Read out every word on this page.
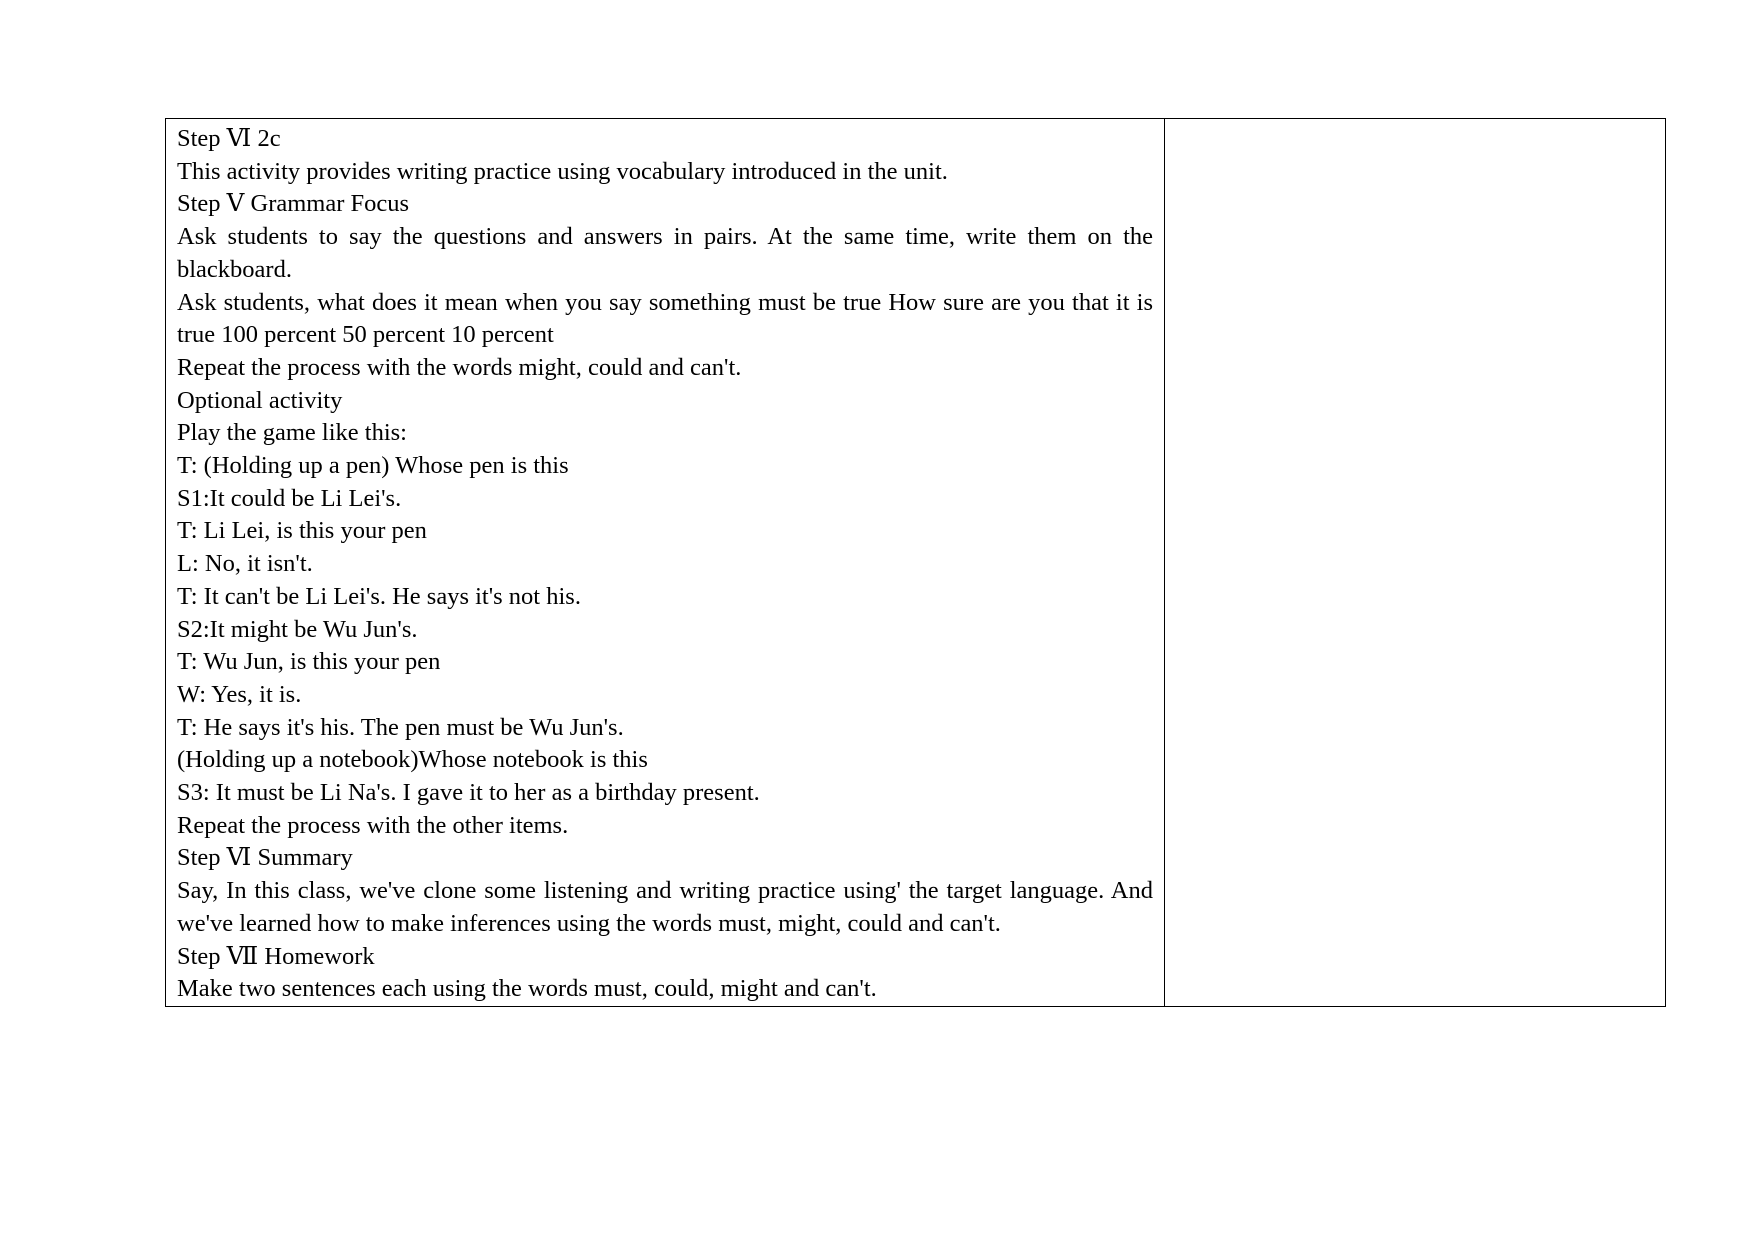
Step Ⅵ 2c

This activity provides writing practice using vocabulary introduced in the unit.

Step Ⅴ Grammar Focus

Ask students to say the questions and answers in pairs. At the same time, write them on the blackboard.

Ask students, what does it mean when you say something must be true How sure are you that it is true 100 percent 50 percent 10 percent

Repeat the process with the words might, could and can't.

Optional activity

Play the game like this:

T: (Holding up a pen) Whose pen is this

S1:It could be Li Lei's.

T: Li Lei, is this your pen

L: No, it isn't.

T: It can't be Li Lei's. He says it's not his.

S2:It might be Wu Jun's.

T: Wu Jun, is this your pen

W: Yes, it is.

T: He says it's his. The pen must be Wu Jun's.

(Holding up a notebook)Whose notebook is this

S3: It must be Li Na's. I gave it to her as a birthday present.

Repeat the process with the other items.

Step Ⅵ Summary

Say, In this class, we've clone some listening and writing practice using' the target language. And we've learned how to make inferences using the words must, might, could and can't.

Step Ⅶ Homework

Make two sentences each using the words must, could, might and can't.
